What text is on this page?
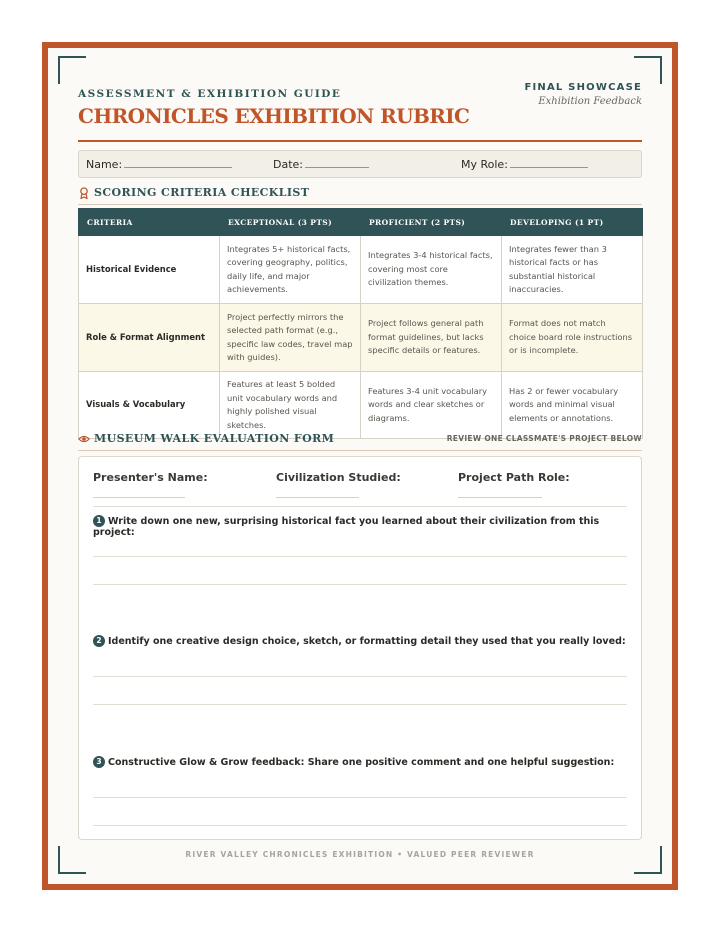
ASSESSMENT & EXHIBITION GUIDE
CHRONICLES EXHIBITION RUBRIC
FINAL SHOWCASE
Exhibition Feedback
Name:	Date:	My Role:
SCORING CRITERIA CHECKLIST
CRITERIA	EXCEPTIONAL (3 PTS)	PROFICIENT (2 PTS)	DEVELOPING (1 PT)
Historical Evidence	Integrates 5+ historical facts, covering geography, politics, daily life, and major achievements.	Integrates 3-4 historical facts, covering most core civilization themes.	Integrates fewer than 3 historical facts or has substantial historical inaccuracies.
Role & Format Alignment	Project perfectly mirrors the selected path format (e.g., specific law codes, travel map with guides).	Project follows general path format guidelines, but lacks specific details or features.	Format does not match choice board role instructions or is incomplete.
Visuals & Vocabulary	Features at least 5 bolded unit vocabulary words and highly polished visual sketches.	Features 3-4 unit vocabulary words and clear sketches or diagrams.	Has 2 or fewer vocabulary words and minimal visual elements or annotations.
MUSEUM WALK EVALUATION FORM	REVIEW ONE CLASSMATE'S PROJECT BELOW
Presenter's Name:	Civilization Studied:	Project Path Role:
1 Write down one new, surprising historical fact you learned about their civilization from this project:
2 Identify one creative design choice, sketch, or formatting detail they used that you really loved:
3 Constructive Glow & Grow feedback: Share one positive comment and one helpful suggestion:
RIVER VALLEY CHRONICLES EXHIBITION • VALUED PEER REVIEWER
